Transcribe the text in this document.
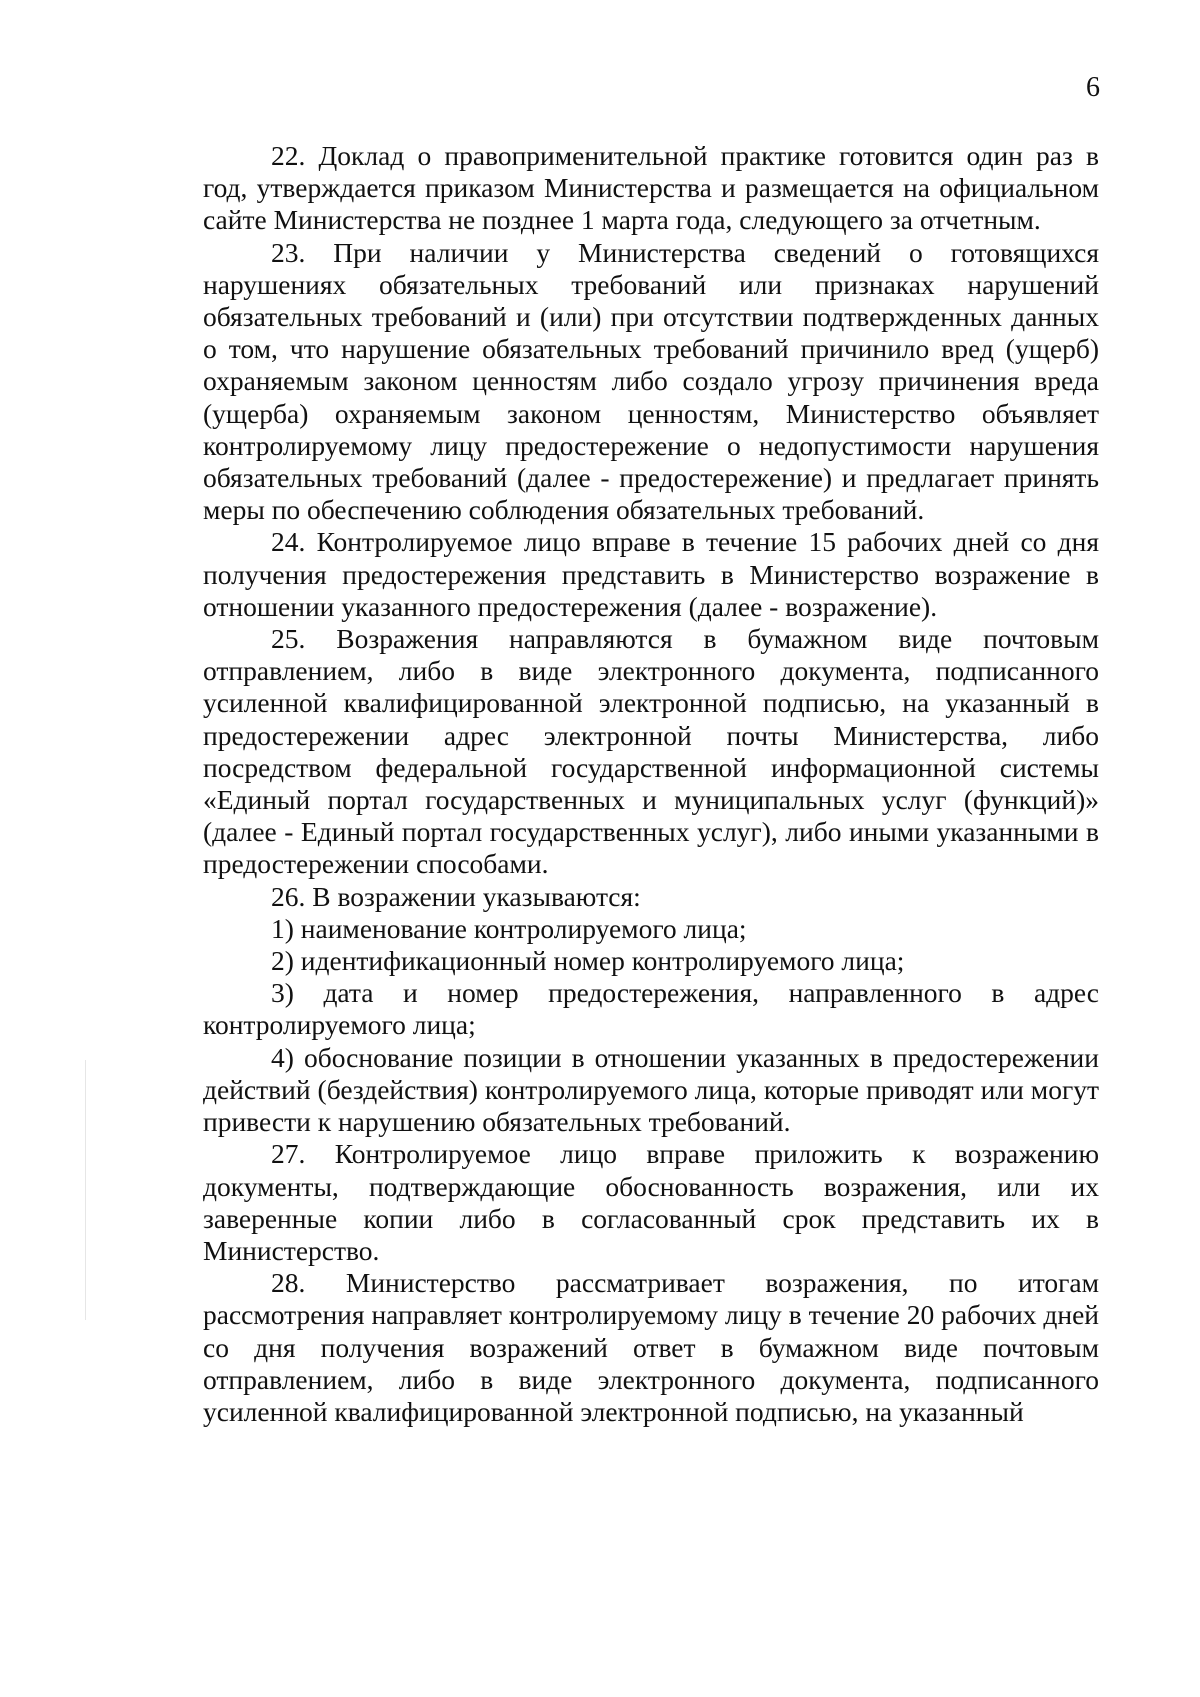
6

22. Доклад о правоприменительной практике готовится один раз в год, утверждается приказом Министерства и размещается на официальном сайте Министерства не позднее 1 марта года, следующего за отчетным.

23. При наличии у Министерства сведений о готовящихся нарушениях обязательных требований или признаках нарушений обязательных требований и (или) при отсутствии подтвержденных данных о том, что нарушение обязательных требований причинило вред (ущерб) охраняемым законом ценностям либо создало угрозу причинения вреда (ущерба) охраняемым законом ценностям, Министерство объявляет контролируемому лицу предостережение о недопустимости нарушения обязательных требований (далее - предостережение) и предлагает принять меры по обеспечению соблюдения обязательных требований.

24. Контролируемое лицо вправе в течение 15 рабочих дней со дня получения предостережения представить в Министерство возражение в отношении указанного предостережения (далее - возражение).

25. Возражения направляются в бумажном виде почтовым отправлением, либо в виде электронного документа, подписанного усиленной квалифицированной электронной подписью, на указанный в предостережении адрес электронной почты Министерства, либо посредством федеральной государственной информационной системы «Единый портал государственных и муниципальных услуг (функций)» (далее - Единый портал государственных услуг), либо иными указанными в предостережении способами.

26. В возражении указываются:

1) наименование контролируемого лица;

2) идентификационный номер контролируемого лица;

3) дата и номер предостережения, направленного в адрес контролируемого лица;

4) обоснование позиции в отношении указанных в предостережении действий (бездействия) контролируемого лица, которые приводят или могут привести к нарушению обязательных требований.

27. Контролируемое лицо вправе приложить к возражению документы, подтверждающие обоснованность возражения, или их заверенные копии либо в согласованный срок представить их в Министерство.

28. Министерство рассматривает возражения, по итогам рассмотрения направляет контролируемому лицу в течение 20 рабочих дней со дня получения возражений ответ в бумажном виде почтовым отправлением, либо в виде электронного документа, подписанного усиленной квалифицированной электронной подписью, на указанный
